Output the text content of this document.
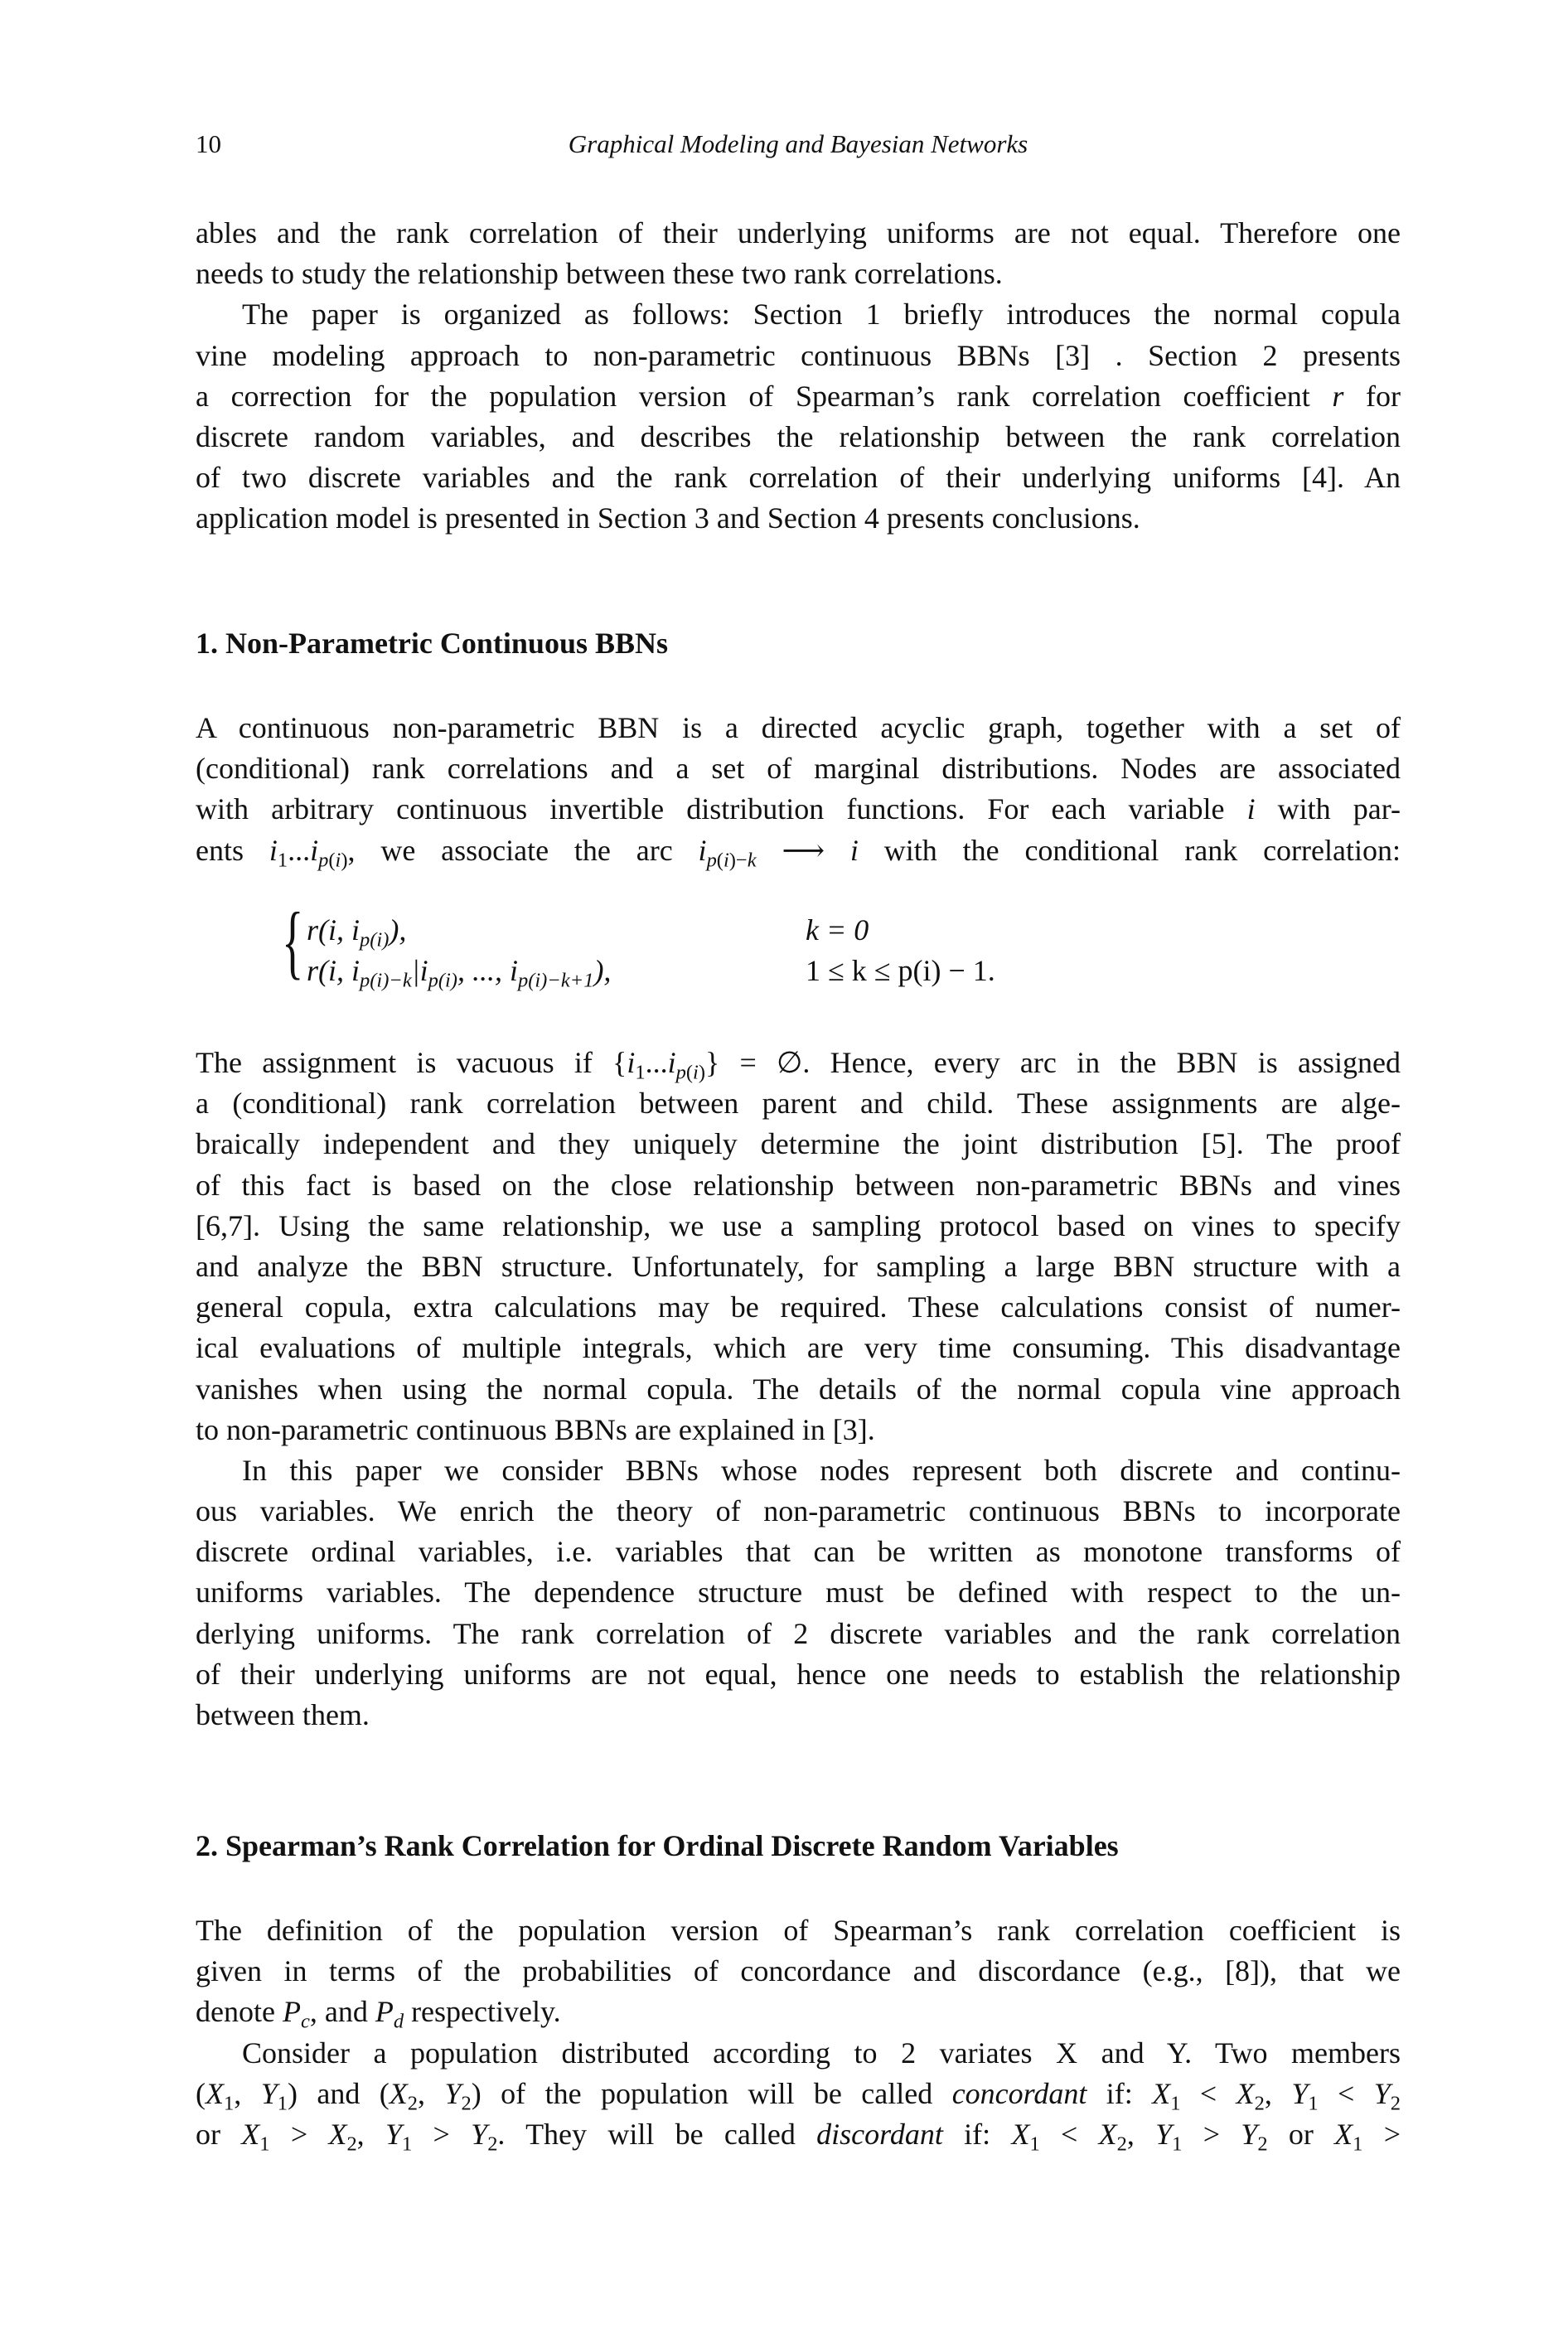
10	Graphical Modeling and Bayesian Networks
ables and the rank correlation of their underlying uniforms are not equal. Therefore one
needs to study the relationship between these two rank correlations.
The paper is organized as follows: Section 1 briefly introduces the normal copula
vine modeling approach to non-parametric continuous BBNs [3] . Section 2 presents
a correction for the population version of Spearman’s rank correlation coefficient r for
discrete random variables, and describes the relationship between the rank correlation
of two discrete variables and the rank correlation of their underlying uniforms [4]. An
application model is presented in Section 3 and Section 4 presents conclusions.
1. Non-Parametric Continuous BBNs
A continuous non-parametric BBN is a directed acyclic graph, together with a set of
(conditional) rank correlations and a set of marginal distributions. Nodes are associated
with arbitrary continuous invertible distribution functions. For each variable i with par-
ents $i_1...i_{p(i)}$, we associate the arc $i_{p(i)-k}$ ⟶ i with the conditional rank correlation:
{ r(i, $i_{p(i)}$),	k = 0
r(i, $i_{p(i)-k}|i_{p(i)}$, ..., $i_{p(i)-k+1}$),	1 ≤ k ≤ p(i) − 1.
The assignment is vacuous if $\{i_1...i_{p(i)}\}$ = ∅. Hence, every arc in the BBN is assigned
a (conditional) rank correlation between parent and child. These assignments are alge-
braically independent and they uniquely determine the joint distribution [5]. The proof
of this fact is based on the close relationship between non-parametric BBNs and vines
[6,7]. Using the same relationship, we use a sampling protocol based on vines to specify
and analyze the BBN structure. Unfortunately, for sampling a large BBN structure with a
general copula, extra calculations may be required. These calculations consist of numer-
ical evaluations of multiple integrals, which are very time consuming. This disadvantage
vanishes when using the normal copula. The details of the normal copula vine approach
to non-parametric continuous BBNs are explained in [3].
In this paper we consider BBNs whose nodes represent both discrete and continu-
ous variables. We enrich the theory of non-parametric continuous BBNs to incorporate
discrete ordinal variables, i.e. variables that can be written as monotone transforms of
uniforms variables. The dependence structure must be defined with respect to the un-
derlying uniforms. The rank correlation of 2 discrete variables and the rank correlation
of their underlying uniforms are not equal, hence one needs to establish the relationship
between them.
2. Spearman’s Rank Correlation for Ordinal Discrete Random Variables
The definition of the population version of Spearman’s rank correlation coefficient is
given in terms of the probabilities of concordance and discordance (e.g., [8]), that we
denote $P_c$, and $P_d$ respectively.
Consider a population distributed according to 2 variates X and Y. Two members
($X_1$, $Y_1$) and ($X_2$, $Y_2$) of the population will be called concordant if: $X_1 < X_2$, $Y_1 < Y_2$
or $X_1 > X_2$, $Y_1 > Y_2$. They will be called discordant if: $X_1 < X_2$, $Y_1 > Y_2$ or $X_1$ >
